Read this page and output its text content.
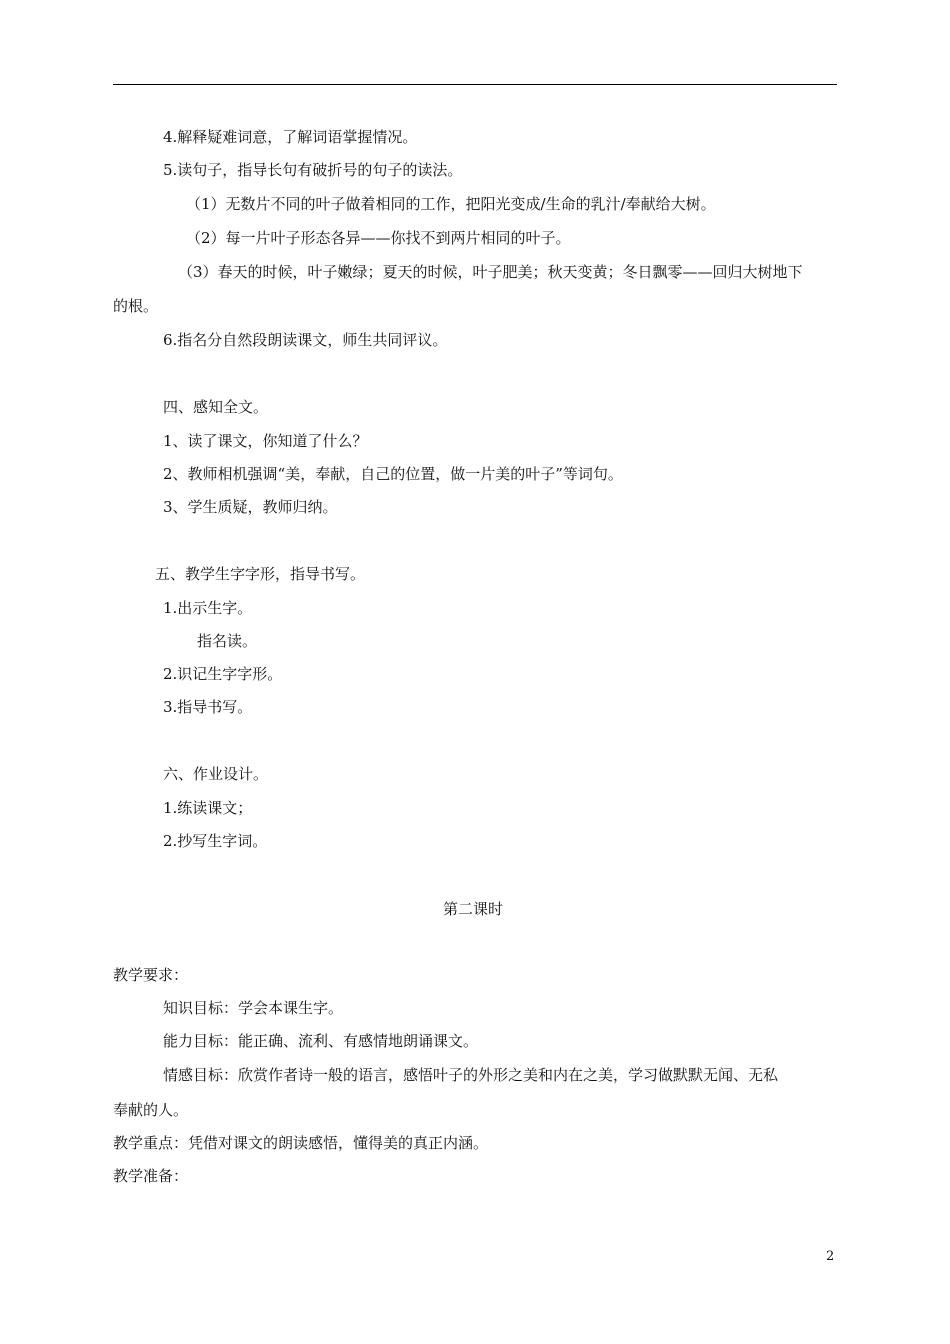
4.解释疑难词意，了解词语掌握情况。
5.读句子，指导长句有破折号的句子的读法。
（1）无数片不同的叶子做着相同的工作，把阳光变成/生命的乳汁/奉献给大树。
（2）每一片叶子形态各异——你找不到两片相同的叶子。
（3）春天的时候，叶子嫩绿；夏天的时候，叶子肥美；秋天变黄；冬日飘零——回归大树地下
的根。
6.指名分自然段朗读课文，师生共同评议。
四、感知全文。
1、读了课文，你知道了什么？
2、教师相机强调“美，奉献，自己的位置，做一片美的叶子”等词句。
3、学生质疑，教师归纳。
五、教学生字字形，指导书写。
1.出示生字。
指名读。
2.识记生字字形。
3.指导书写。
六、作业设计。
1.练读课文；
2.抄写生字词。
第二课时
教学要求：
知识目标：学会本课生字。
能力目标：能正确、流利、有感情地朗诵课文。
情感目标：欣赏作者诗一般的语言，感悟叶子的外形之美和内在之美，学习做默默无闻、无私
奉献的人。
教学重点：凭借对课文的朗读感悟，懂得美的真正内涵。
教学准备：
2
